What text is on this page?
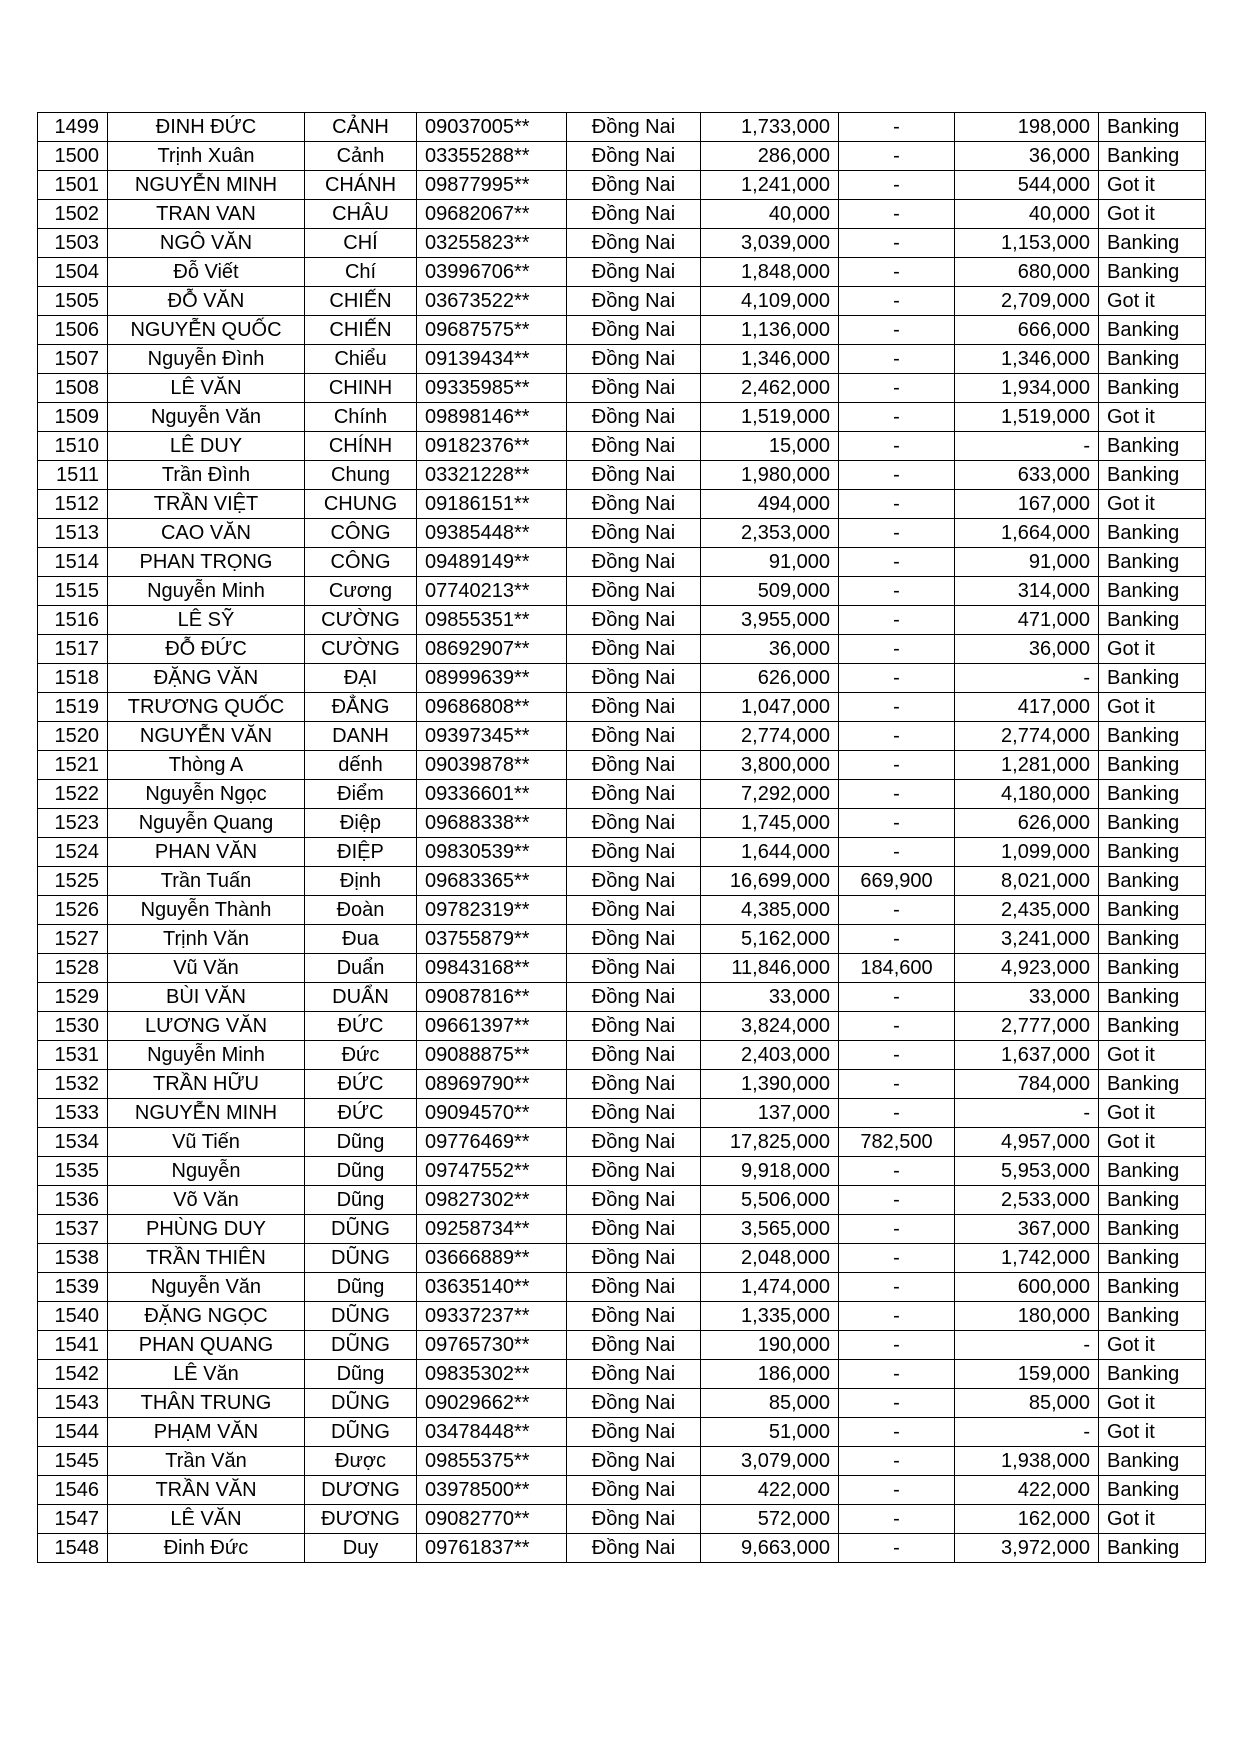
1499	ĐINH ĐỨC	CẢNH	09037005**	Đồng Nai	1,733,000	-	198,000	Banking
1500	Trịnh Xuân	Cảnh	03355288**	Đồng Nai	286,000	-	36,000	Banking
1501	NGUYỄN MINH	CHÁNH	09877995**	Đồng Nai	1,241,000	-	544,000	Got it
1502	TRAN VAN	CHÂU	09682067**	Đồng Nai	40,000	-	40,000	Got it
1503	NGÔ VĂN	CHÍ	03255823**	Đồng Nai	3,039,000	-	1,153,000	Banking
1504	Đỗ Viết	Chí	03996706**	Đồng Nai	1,848,000	-	680,000	Banking
1505	ĐỖ VĂN	CHIẾN	03673522**	Đồng Nai	4,109,000	-	2,709,000	Got it
1506	NGUYỄN QUỐC	CHIẾN	09687575**	Đồng Nai	1,136,000	-	666,000	Banking
1507	Nguyễn Đình	Chiểu	09139434**	Đồng Nai	1,346,000	-	1,346,000	Banking
1508	LÊ VĂN	CHINH	09335985**	Đồng Nai	2,462,000	-	1,934,000	Banking
1509	Nguyễn Văn	Chính	09898146**	Đồng Nai	1,519,000	-	1,519,000	Got it
1510	LÊ DUY	CHÍNH	09182376**	Đồng Nai	15,000	-	-	Banking
1511	Trần Đình	Chung	03321228**	Đồng Nai	1,980,000	-	633,000	Banking
1512	TRẦN VIỆT	CHUNG	09186151**	Đồng Nai	494,000	-	167,000	Got it
1513	CAO VĂN	CÔNG	09385448**	Đồng Nai	2,353,000	-	1,664,000	Banking
1514	PHAN TRỌNG	CÔNG	09489149**	Đồng Nai	91,000	-	91,000	Banking
1515	Nguyễn Minh	Cương	07740213**	Đồng Nai	509,000	-	314,000	Banking
1516	LÊ SỸ	CƯỜNG	09855351**	Đồng Nai	3,955,000	-	471,000	Banking
1517	ĐỖ ĐỨC	CƯỜNG	08692907**	Đồng Nai	36,000	-	36,000	Got it
1518	ĐẶNG VĂN	ĐẠI	08999639**	Đồng Nai	626,000	-	-	Banking
1519	TRƯƠNG QUỐC	ĐẲNG	09686808**	Đồng Nai	1,047,000	-	417,000	Got it
1520	NGUYỄN VĂN	DANH	09397345**	Đồng Nai	2,774,000	-	2,774,000	Banking
1521	Thòng A	dếnh	09039878**	Đồng Nai	3,800,000	-	1,281,000	Banking
1522	Nguyễn Ngọc	Điểm	09336601**	Đồng Nai	7,292,000	-	4,180,000	Banking
1523	Nguyễn Quang	Điệp	09688338**	Đồng Nai	1,745,000	-	626,000	Banking
1524	PHAN VĂN	ĐIỆP	09830539**	Đồng Nai	1,644,000	-	1,099,000	Banking
1525	Trần Tuấn	Định	09683365**	Đồng Nai	16,699,000	669,900	8,021,000	Banking
1526	Nguyễn Thành	Đoàn	09782319**	Đồng Nai	4,385,000	-	2,435,000	Banking
1527	Trịnh Văn	Đua	03755879**	Đồng Nai	5,162,000	-	3,241,000	Banking
1528	Vũ Văn	Duẩn	09843168**	Đồng Nai	11,846,000	184,600	4,923,000	Banking
1529	BÙI VĂN	DUẨN	09087816**	Đồng Nai	33,000	-	33,000	Banking
1530	LƯƠNG VĂN	ĐỨC	09661397**	Đồng Nai	3,824,000	-	2,777,000	Banking
1531	Nguyễn Minh	Đức	09088875**	Đồng Nai	2,403,000	-	1,637,000	Got it
1532	TRẦN HỮU	ĐỨC	08969790**	Đồng Nai	1,390,000	-	784,000	Banking
1533	NGUYỄN MINH	ĐỨC	09094570**	Đồng Nai	137,000	-	-	Got it
1534	Vũ Tiến	Dũng	09776469**	Đồng Nai	17,825,000	782,500	4,957,000	Got it
1535	Nguyễn	Dũng	09747552**	Đồng Nai	9,918,000	-	5,953,000	Banking
1536	Võ Văn	Dũng	09827302**	Đồng Nai	5,506,000	-	2,533,000	Banking
1537	PHÙNG DUY	DŨNG	09258734**	Đồng Nai	3,565,000	-	367,000	Banking
1538	TRẦN THIÊN	DŨNG	03666889**	Đồng Nai	2,048,000	-	1,742,000	Banking
1539	Nguyễn Văn	Dũng	03635140**	Đồng Nai	1,474,000	-	600,000	Banking
1540	ĐẶNG NGỌC	DŨNG	09337237**	Đồng Nai	1,335,000	-	180,000	Banking
1541	PHAN QUANG	DŨNG	09765730**	Đồng Nai	190,000	-	-	Got it
1542	LÊ Văn	Dũng	09835302**	Đồng Nai	186,000	-	159,000	Banking
1543	THÂN TRUNG	DŨNG	09029662**	Đồng Nai	85,000	-	85,000	Got it
1544	PHẠM VĂN	DŨNG	03478448**	Đồng Nai	51,000	-	-	Got it
1545	Trần Văn	Được	09855375**	Đồng Nai	3,079,000	-	1,938,000	Banking
1546	TRẦN VĂN	DƯƠNG	03978500**	Đồng Nai	422,000	-	422,000	Banking
1547	LÊ VĂN	ĐƯƠNG	09082770**	Đồng Nai	572,000	-	162,000	Got it
1548	Đinh Đức	Duy	09761837**	Đồng Nai	9,663,000	-	3,972,000	Banking
